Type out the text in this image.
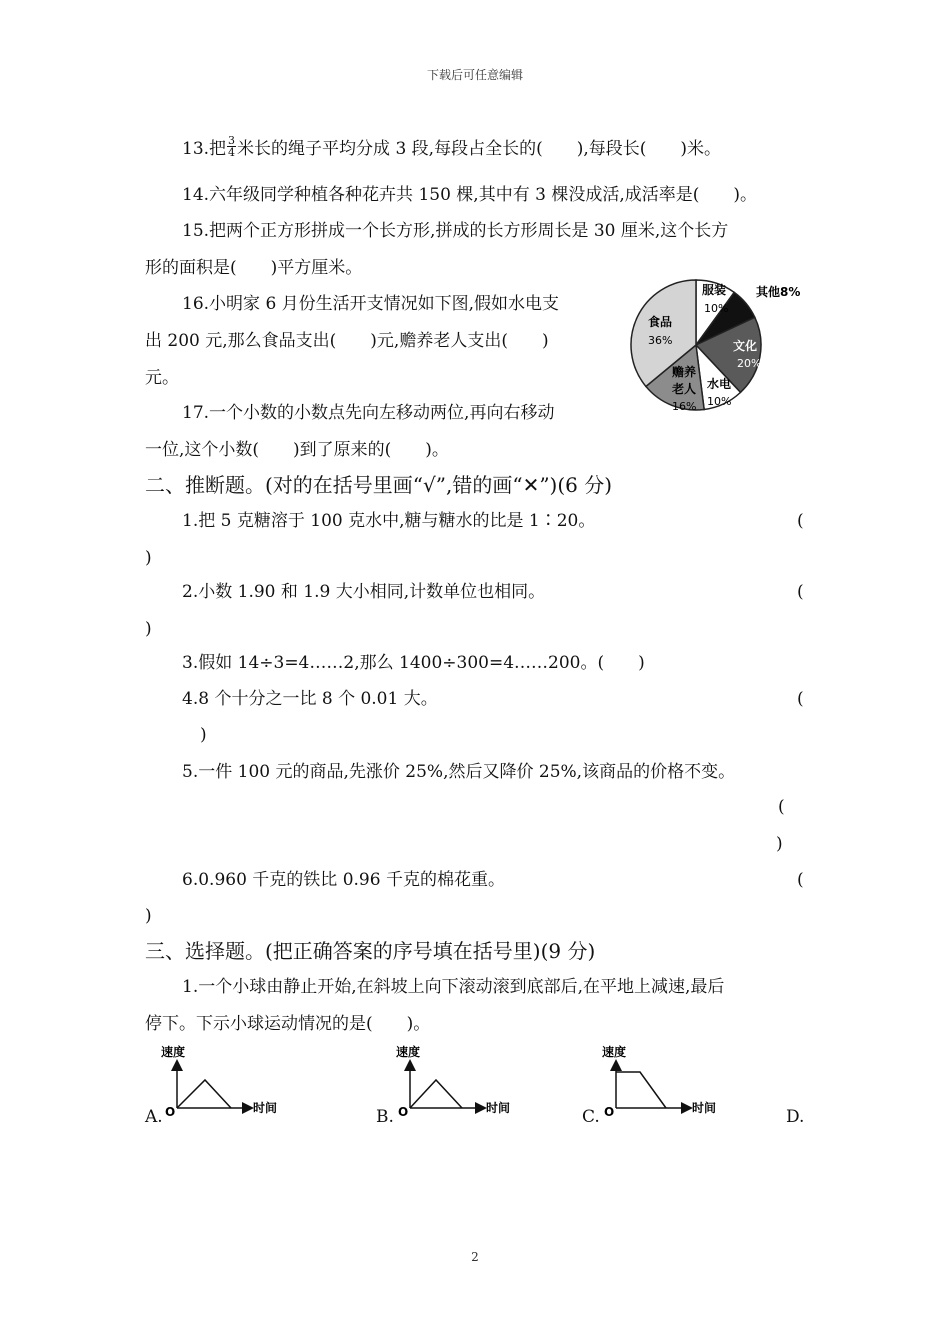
下载后可任意编辑
13.把 $\frac{3}{4}$ 米长的绳子平均分成 3 段,每段占全长的(　　),每段长(　　)米。
14.六年级同学种植各种花卉共 150 棵,其中有 3 棵没成活,成活率是(　　)。
15.把两个正方形拼成一个长方形,拼成的长方形周长是 30 厘米,这个长方
形的面积是(　　)平方厘米。
16.小明家 6 月份生活开支情况如下图,假如水电支
出 200 元,那么食品支出(　　)元,赡养老人支出(　　)
元。
服装
10%
其他8%
文化
20%
水电
10%
赡养
老人
16%
食品
36%
17.一个小数的小数点先向左移动两位,再向右移动
一位,这个小数(　　)到了原来的(　　)。
二、推断题。(对的在括号里画“√”,错的画“✕”)(6 分)
1.把 5 克糖溶于 100 克水中,糖与糖水的比是 1∶20。	(
)
2.小数 1.90 和 1.9 大小相同,计数单位也相同。	(
)
3.假如 14÷3=4……2,那么 1400÷300=4……200。(　　)
4.8 个十分之一比 8 个 0.01 大。	(
)
5.一件 100 元的商品,先涨价 25%,然后又降价 25%,该商品的价格不变。
(
)
6.0.960 千克的铁比 0.96 千克的棉花重。	(
)
三、选择题。(把正确答案的序号填在括号里)(9 分)
1.一个小球由静止开始,在斜坡上向下滚动滚到底部后,在平地上减速,最后
停下。下示小球运动情况的是(　　)。
A.
速度
时间
O	B.
速度
时间
O	C.
速度
时间
O	D.
2
